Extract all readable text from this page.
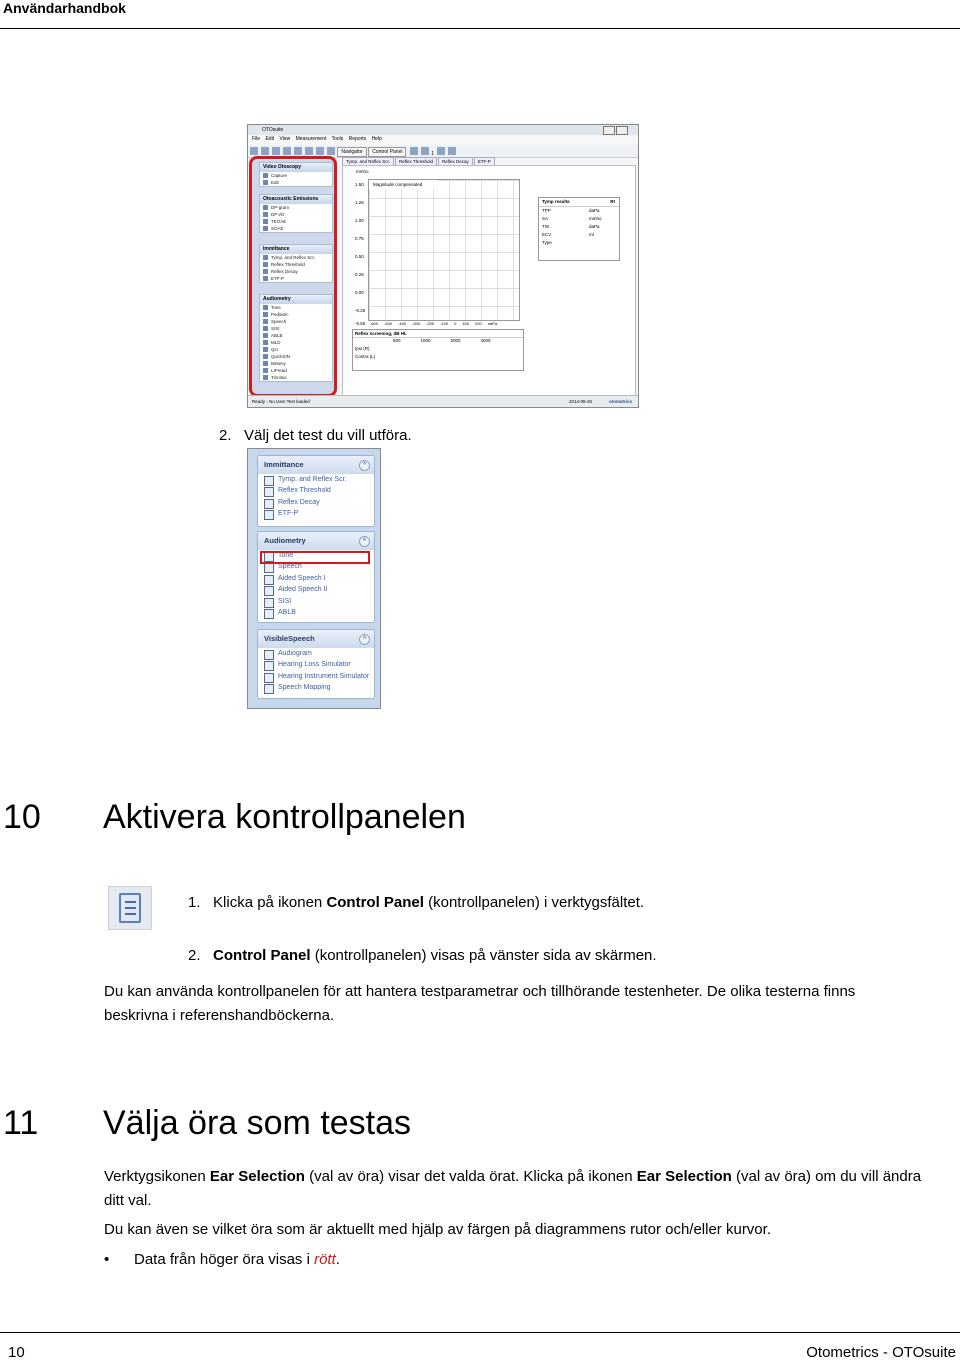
Användarhandbok
OTOsuite
File Edit View Measurement Tools Reports Help
Navigator Control Panel	1
Video Otoscopy
Capture
Edit
Otoacoustic Emissions
DP-gram
DP I/O
TEOAE
SOAE
Immittance
Tymp. and Reflex Scr.
Reflex Threshold
Reflex Decay
ETF-P
Audiometry
Tone
Pediatric
Speech
SISI
ABLB
MLD
QLI
QuickSIN
Bekesy
LIPread
Tinnitus
Tymp. and Reflex Scr. Reflex Threshold Reflex Decay ETF-P
mmho
Magnitude compensated
1.50
1.25
1.00
0.75
0.50
0.25
0.00
-0.25
-0.50 -600 -500 -400 -300 -200 -100 0 100 200 daPa
Tymp results	Rt
TPP	daPa
SA	mmho
TW	daPa
ECV	ml
Type
Reflex screening, dB HL
500	1000	2000	4000
Ipsi (R)
Contra (L)
Ready - No User Test loaded	2014-05-25	otometrics
2. Välj det test du vill utföra.
Immittance	^
Tymp. and Reflex Scr.
Reflex Threshold
Reflex Decay
ETF-P
Audiometry	^
Tone
Speech
Aided Speech I
Aided Speech II
SISI
ABLB
VisibleSpeech	^
Audiogram
Hearing Loss Simulator
Hearing Instrument Simulator
Speech Mapping
10 Aktivera kontrollpanelen
1. Klicka på ikonen Control Panel (kontrollpanelen) i verktygsfältet.
2. Control Panel (kontrollpanelen) visas på vänster sida av skärmen.
Du kan använda kontrollpanelen för att hantera testparametrar och tillhörande testenheter. De olika testerna finns beskrivna i referenshandböckerna.
11 Välja öra som testas
Verktygsikonen Ear Selection (val av öra) visar det valda örat. Klicka på ikonen Ear Selection (val av öra) om du vill ändra ditt val.
Du kan även se vilket öra som är aktuellt med hjälp av färgen på diagrammens rutor och/eller kurvor.
• Data från höger öra visas i rött.
10	Otometrics - OTOsuite
